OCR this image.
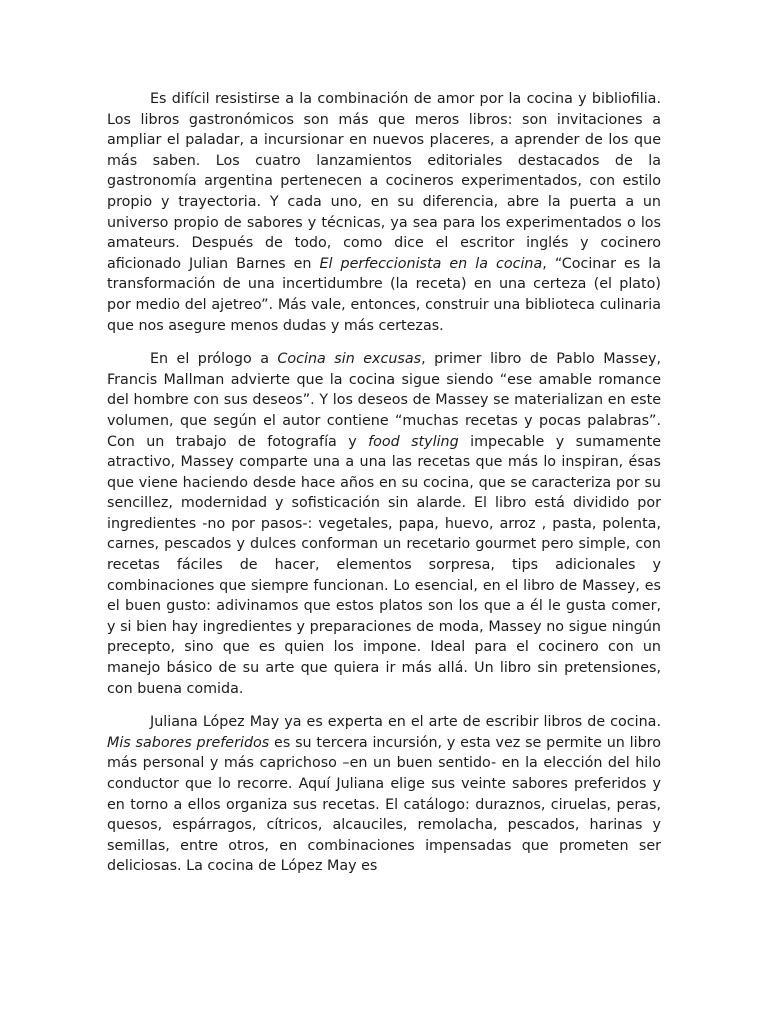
Es difícil resistirse a la combinación de amor por la cocina y bibliofilia. Los libros gastronómicos son más que meros libros: son invitaciones a ampliar el paladar, a incursionar en nuevos placeres, a aprender de los que más saben. Los cuatro lanzamientos editoriales destacados de la gastronomía argentina pertenecen a cocineros experimentados, con estilo propio y trayectoria. Y cada uno, en su diferencia, abre la puerta a un universo propio de sabores y técnicas, ya sea para los experimentados o los amateurs. Después de todo, como dice el escritor inglés y cocinero aficionado Julian Barnes en El perfeccionista en la cocina, “Cocinar es la transformación de una incertidumbre (la receta) en una certeza (el plato) por medio del ajetreo”. Más vale, entonces, construir una biblioteca culinaria que nos asegure menos dudas y más certezas.

En el prólogo a Cocina sin excusas, primer libro de Pablo Massey, Francis Mallman advierte que la cocina sigue siendo “ese amable romance del hombre con sus deseos”. Y los deseos de Massey se materializan en este volumen, que según el autor contiene “muchas recetas y pocas palabras”. Con un trabajo de fotografía y food styling impecable y sumamente atractivo, Massey comparte una a una las recetas que más lo inspiran, ésas que viene haciendo desde hace años en su cocina, que se caracteriza por su sencillez, modernidad y sofisticación sin alarde. El libro está dividido por ingredientes -no por pasos-: vegetales, papa, huevo, arroz , pasta, polenta, carnes, pescados y dulces conforman un recetario gourmet pero simple, con recetas fáciles de hacer, elementos sorpresa, tips adicionales y combinaciones que siempre funcionan. Lo esencial, en el libro de Massey, es el buen gusto: adivinamos que estos platos son los que a él le gusta comer, y si bien hay ingredientes y preparaciones de moda, Massey no sigue ningún precepto, sino que es quien los impone. Ideal para el cocinero con un manejo básico de su arte que quiera ir más allá. Un libro sin pretensiones, con buena comida.

Juliana López May ya es experta en el arte de escribir libros de cocina. Mis sabores preferidos es su tercera incursión, y esta vez se permite un libro más personal y más caprichoso –en un buen sentido- en la elección del hilo conductor que lo recorre. Aquí Juliana elige sus veinte sabores preferidos y en torno a ellos organiza sus recetas. El catálogo: duraznos, ciruelas, peras, quesos, espárragos, cítricos, alcauciles, remolacha, pescados, harinas y semillas, entre otros, en combinaciones impensadas que prometen ser deliciosas. La cocina de López May es
